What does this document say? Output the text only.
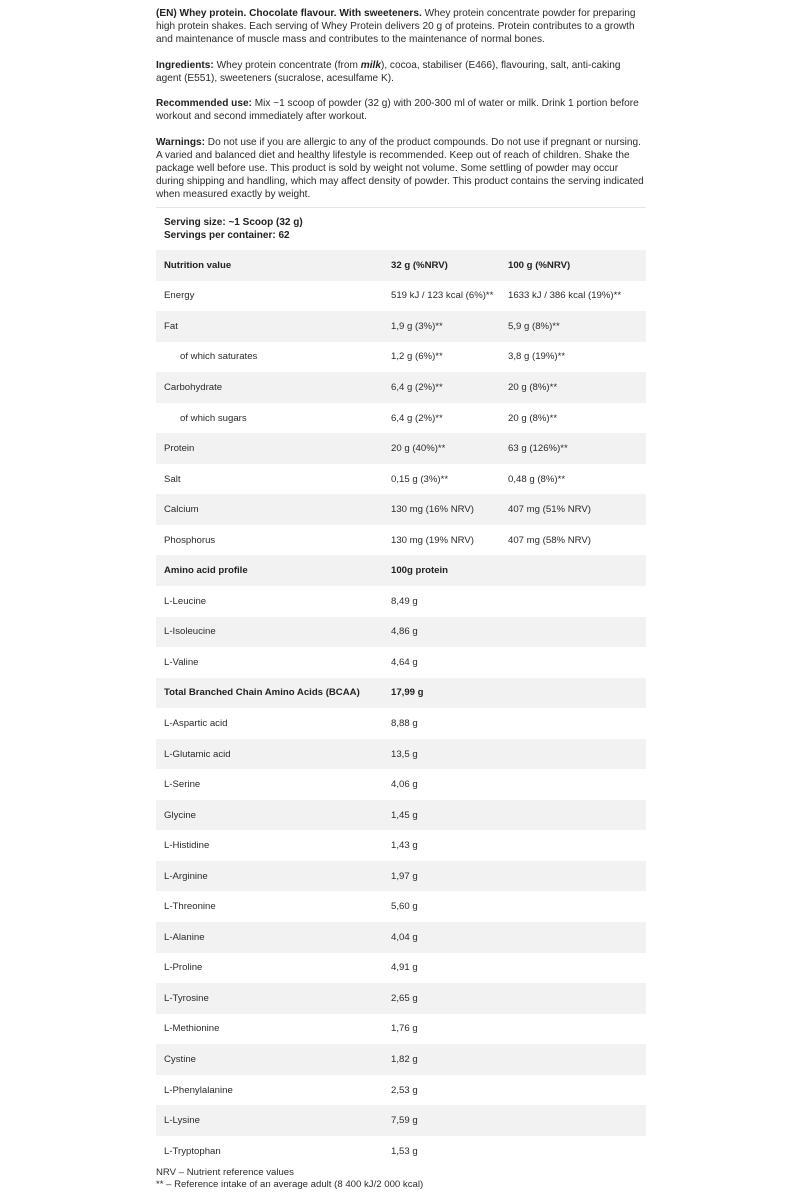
(EN) Whey protein. Chocolate flavour. With sweeteners. Whey protein concentrate powder for preparing high protein shakes. Each serving of Whey Protein delivers 20 g of proteins. Protein contributes to a growth and maintenance of muscle mass and contributes to the maintenance of normal bones.
Ingredients: Whey protein concentrate (from milk), cocoa, stabiliser (E466), flavouring, salt, anti-caking agent (E551), sweeteners (sucralose, acesulfame K).
Recommended use: Mix ~1 scoop of powder (32 g) with 200-300 ml of water or milk. Drink 1 portion before workout and second immediately after workout.
Warnings: Do not use if you are allergic to any of the product compounds. Do not use if pregnant or nursing. A varied and balanced diet and healthy lifestyle is recommended. Keep out of reach of children. Shake the package well before use. This product is sold by weight not volume. Some settling of powder may occur during shipping and handling, which may affect density of powder. This product contains the serving indicated when measured exactly by weight.
Serving size: ~1 Scoop (32 g)
Servings per container: 62
Nutrition value	32 g (%NRV)	100 g (%NRV)
Energy	519 kJ / 123 kcal (6%)**	1633 kJ / 386 kcal (19%)**
Fat	1,9 g (3%)**	5,9 g (8%)**
of which saturates	1,2 g (6%)**	3,8 g (19%)**
Carbohydrate	6,4 g (2%)**	20 g (8%)**
of which sugars	6,4 g (2%)**	20 g (8%)**
Protein	20 g (40%)**	63 g (126%)**
Salt	0,15 g (3%)**	0,48 g (8%)**
Calcium	130 mg (16% NRV)	407 mg (51% NRV)
Phosphorus	130 mg (19% NRV)	407 mg (58% NRV)
Amino acid profile	100g protein	
L-Leucine	8,49 g	
L-Isoleucine	4,86 g	
L-Valine	4,64 g	
Total Branched Chain Amino Acids (BCAA)	17,99 g	
L-Aspartic acid	8,88 g	
L-Glutamic acid	13,5 g	
L-Serine	4,06 g	
Glycine	1,45 g	
L-Histidine	1,43 g	
L-Arginine	1,97 g	
L-Threonine	5,60 g	
L-Alanine	4,04 g	
L-Proline	4,91 g	
L-Tyrosine	2,65 g	
L-Methionine	1,76 g	
Cystine	1,82 g	
L-Phenylalanine	2,53 g	
L-Lysine	7,59 g	
L-Tryptophan	1,53 g	
NRV – Nutrient reference values
** – Reference intake of an average adult (8 400 kJ/2 000 kcal)
